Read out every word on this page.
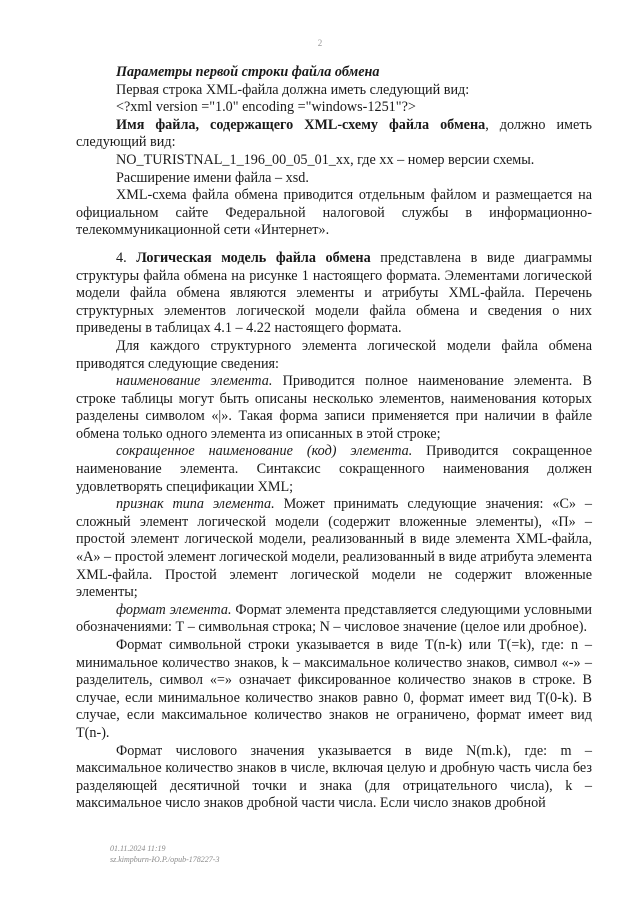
2

Параметры первой строки файла обмена

Первая строка XML-файла должна иметь следующий вид:

<?xml version ="1.0" encoding ="windows-1251"?>

Имя файла, содержащего XML-схему файла обмена, должно иметь следующий вид:

NO_TURISTNAL_1_196_00_05_01_xx, где xx – номер версии схемы.

Расширение имени файла – xsd.

XML-схема файла обмена приводится отдельным файлом и размещается на официальном сайте Федеральной налоговой службы в информационно-телекоммуникационной сети «Интернет».

4. Логическая модель файла обмена представлена в виде диаграммы структуры файла обмена на рисунке 1 настоящего формата. Элементами логической модели файла обмена являются элементы и атрибуты XML-файла. Перечень структурных элементов логической модели файла обмена и сведения о них приведены в таблицах 4.1 – 4.22 настоящего формата.

Для каждого структурного элемента логической модели файла обмена приводятся следующие сведения:

наименование элемента. Приводится полное наименование элемента. В строке таблицы могут быть описаны несколько элементов, наименования которых разделены символом «|». Такая форма записи применяется при наличии в файле обмена только одного элемента из описанных в этой строке;

сокращенное наименование (код) элемента. Приводится сокращенное наименование элемента. Синтаксис сокращенного наименования должен удовлетворять спецификации XML;

признак типа элемента. Может принимать следующие значения: «С» – сложный элемент логической модели (содержит вложенные элементы), «П» – простой элемент логической модели, реализованный в виде элемента XML-файла, «А» – простой элемент логической модели, реализованный в виде атрибута элемента XML-файла. Простой элемент логической модели не содержит вложенные элементы;

формат элемента. Формат элемента представляется следующими условными обозначениями: Т – символьная строка; N – числовое значение (целое или дробное).

Формат символьной строки указывается в виде Т(n-k) или Т(=k), где: n – минимальное количество знаков, k – максимальное количество знаков, символ «-» – разделитель, символ «=» означает фиксированное количество знаков в строке. В случае, если минимальное количество знаков равно 0, формат имеет вид Т(0-k). В случае, если максимальное количество знаков не ограничено, формат имеет вид Т(n-).

Формат числового значения указывается в виде N(m.k), где: m – максимальное количество знаков в числе, включая целую и дробную часть числа без разделяющей десятичной точки и знака (для отрицательного числа), k – максимальное число знаков дробной части числа. Если число знаков дробной

01.11.2024 11:19
sz.kimpburn-Ю.Р./opub-178227-3
